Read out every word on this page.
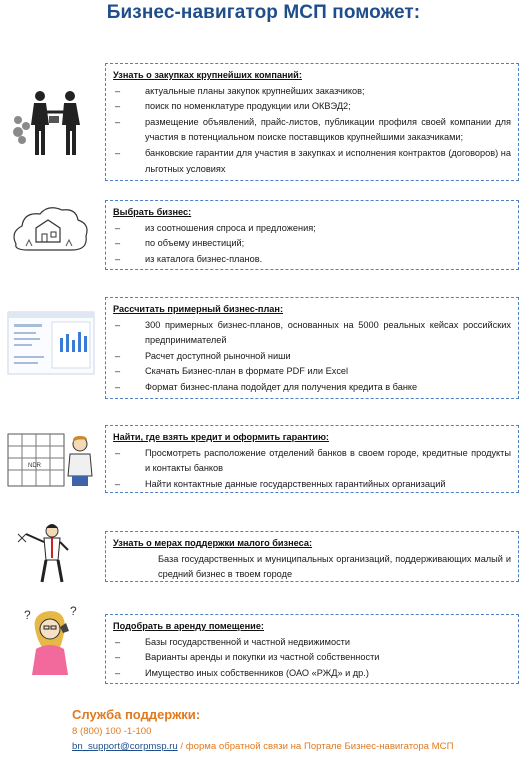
Бизнес-навигатор МСП поможет:
Узнать о закупках крупнейших компаний:
–	актуальные планы закупок крупнейших заказчиков;
–	поиск по номенклатуре продукции или ОКВЭД2;
–	размещение объявлений, прайс-листов, публикации профиля своей компании для участия в потенциальном поиске поставщиков крупнейшими заказчиками;
–	банковские гарантии для участия в закупках и исполнения контрактов (договоров) на льготных условиях
Выбрать бизнес:
–	из соотношения спроса и предложения;
–	по объему инвестиций;
–	из каталога бизнес-планов.
Рассчитать примерный бизнес-план:
–	300 примерных бизнес-планов, основанных на 5000 реальных кейсах российских предпринимателей
–	Расчет доступной рыночной ниши
–	Скачать Бизнес-план в формате PDF или Excel
–	Формат бизнес-плана подойдет для получения кредита в банке
NDR
Найти, где взять кредит и оформить гарантию:
–	Просмотреть расположение отделений банков в своем городе, кредитные продукты и контакты банков
–	Найти контактные данные государственных гарантийных организаций
Узнать о мерах поддержки малого бизнеса:
База государственных и муниципальных организаций, поддерживающих малый и средний бизнес в твоем городе
?	?
Подобрать в аренду помещение:
–	Базы государственной и частной недвижимости
–	Варианты аренды и покупки из частной собственности
–	Имущество иных собственников (ОАО «РЖД» и др.)
Служба поддержки:
8 (800) 100 -1-100
bn_support@corpmsp.ru / форма обратной связи на Портале Бизнес-навигатора МСП
